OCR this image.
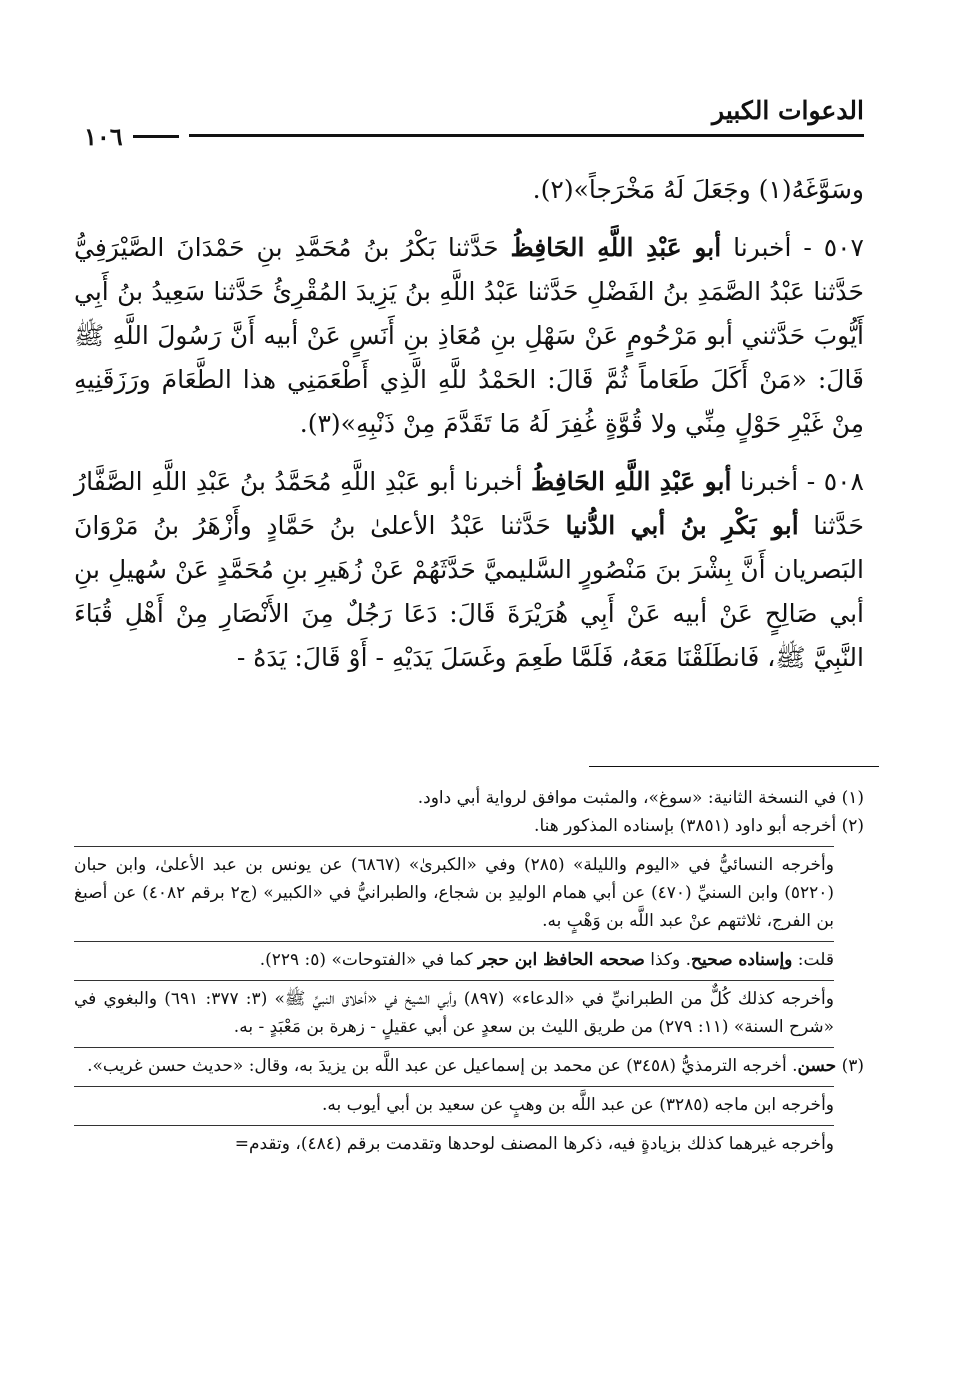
الدعوات الكبير
١٠٦

وسَوَّغَهُ(١) وجَعَلَ لَهُ مَخْرَجاً»(٢).

٥٠٧ - أخبرنا أبو عَبْدِ اللَّهِ الحَافِظُ حَدَّثنا بَكْرُ بنُ مُحَمَّدِ بنِ حَمْدَانَ الصَّيْرَفِيُّ حَدَّثنا عَبْدُ الصَّمَدِ بنُ الفَضْلِ حَدَّثنا عَبْدُ اللَّهِ بنُ يَزِيدَ المُقْرِئُ حَدَّثنا سَعِيدُ بنُ أَبِي أَيُّوبَ حَدَّثني أبو مَرْحُومٍ عَنْ سَهْلِ بنِ مُعَاذِ بنِ أَنَسٍ عَنْ أبيه أَنَّ رَسُولَ اللَّهِ ﷺ قَالَ: «مَنْ أَكَلَ طَعَاماً ثُمَّ قَالَ: الحَمْدُ للَّهِ الَّذِي أَطْعَمَنِي هذا الطَّعَامَ ورَزَقَنِيهِ مِنْ غَيْرِ حَوْلٍ مِنِّي ولا قُوَّةٍ غُفِرَ لَهُ مَا تَقَدَّمَ مِنْ ذَنْبِهِ»(٣).

٥٠٨ - أخبرنا أبو عَبْدِ اللَّهِ الحَافِظُ أخبرنا أبو عَبْدِ اللَّهِ مُحَمَّدُ بنُ عَبْدِ اللَّهِ الصَّفَّارُ حَدَّثنا أبو بَكْرِ بنُ أبي الدُّنيا حَدَّثنا عَبْدُ الأعلىٰ بنُ حَمَّادٍ وأَزْهَرُ بنُ مَرْوَانَ البَصريان أَنَّ بِشْرَ بنَ مَنْصُورٍ السَّليميَّ حَدَّثَهُمْ عَنْ زُهَيرِ بنِ مُحَمَّدٍ عَنْ سُهيلِ بنِ أبي صَالِحٍ عَنْ أبيه عَنْ أَبِي هُرَيْرَةَ قَالَ: دَعَا رَجُلٌ مِنَ الأَنْصَارِ مِنْ أَهْلِ قُبَاءَ النَّبِيَّ ﷺ، فَانطَلَقْنَا مَعَهُ، فَلَمَّا طَعِمَ وغَسَلَ يَدَيْهِ - أَوْ قَالَ: يَدَهُ -

(١) في النسخة الثانية: «سوغ»، والمثبت موافق لرواية أبي داود.

(٢) أخرجه أبو داود (٣٨٥١) بإسناده المذكور هنا.

وأخرجه النسائيُّ في «اليوم والليلة» (٢٨٥) وفي «الكبرىٰ» (٦٨٦٧) عن يونس بن عبد الأعلىٰ، وابن حبان (٥٢٢٠) وابن السنيِّ (٤٧٠) عن أبي همام الوليدِ بن شجاع، والطبرانيُّ في «الكبير» (ج٢ برقم ٤٠٨٢) عن أصبغ بن الفرج، ثلاثتهم عنْ عبد اللَّه بن وَهْبٍ به.

قلت: وإسناده صحيح. وكذا صححه الحافظ ابن حجر كما في «الفتوحات» (٥: ٢٢٩).

وأخرجه كذلك كُلٌّ من الطبرانيِّ في «الدعاء» (٨٩٧) وأبي الشيخ في «أخلاق النبيِّ ﷺ» (٣: ٣٧٧: ٦٩١) والبغوي في «شرح السنة» (١١: ٢٧٩) من طريق الليث بن سعدٍ عن أبي عقيلٍ - زهرة بن مَعْبَدٍ - به.

(٣) حسن. أخرجه الترمذيُّ (٣٤٥٨) عن محمد بن إسماعيل عن عبد اللَّه بن يزيدَ به، وقال: «حديث حسن غريب».

وأخرجه ابن ماجه (٣٢٨٥) عن عبد اللَّه بن وهبٍ عن سعيد بن أبي أيوب به.

وأخرجه غيرهما كذلك بزيادةٍ فيه، ذكرها المصنف لوحدها وتقدمت برقم (٤٨٤)، وتقدم=
